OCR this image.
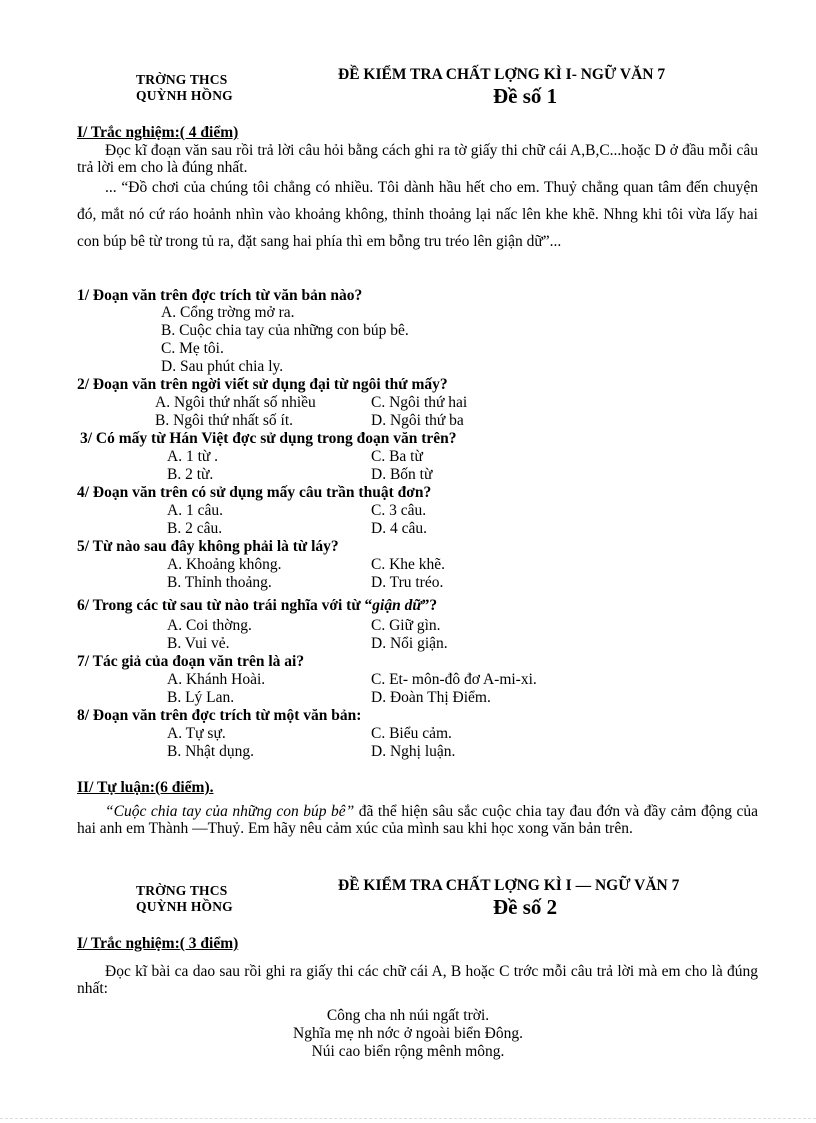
TRỜNG THCS
QUỲNH HỒNG
ĐỀ KIỂM TRA CHẤT LỢNG KÌ I- NGỮ VĂN 7
Đề số 1
I/ Trắc nghiệm:( 4 điểm)
Đọc kĩ đoạn văn sau rồi trả lời câu hỏi bằng cách ghi ra tờ giấy thi chữ cái A,B,C...hoặc D ở đầu mỗi câu trả lời em cho là đúng nhất.
... “Đồ chơi của chúng tôi chẳng có nhiều. Tôi dành hầu hết cho em. Thuỷ chẳng quan tâm đến chuyện đó, mắt nó cứ ráo hoảnh nhìn vào khoảng không, thỉnh thoảng lại nấc lên khe khẽ. Nhng khi tôi vừa lấy hai con búp bê từ trong tủ ra, đặt sang hai phía thì em bỗng tru tréo lên giận dữ”...
1/ Đoạn văn trên đợc trích từ văn bản nào?
A. Cổng trờng mở ra.
B. Cuộc chia tay của những con búp bê.
C. Mẹ tôi.
D. Sau phút chia ly.
2/ Đoạn văn trên ngời viết sử dụng đại từ ngôi thứ mấy?
A. Ngôi thứ nhất số nhiều	C. Ngôi thứ hai
B. Ngôi thứ nhất số ít.	D. Ngôi thứ ba
3/ Có mấy từ Hán Việt đợc sử dụng trong đoạn văn trên?
A. 1 từ .	C. Ba từ
B. 2 từ.	D. Bốn từ
4/ Đoạn văn trên có sử dụng mấy câu trần thuật đơn?
A. 1 câu.	C. 3 câu.
B. 2 câu.	D. 4 câu.
5/ Từ nào sau đây không phải là từ láy?
A. Khoảng không.	C. Khe khẽ.
B. Thỉnh thoảng.	D. Tru tréo.
6/ Trong các từ sau từ nào trái nghĩa với từ “giận dữ”?
A. Coi thờng.	C. Giữ gìn.
B. Vui vẻ.	D. Nổi giận.
7/ Tác giả của đoạn văn trên là ai?
A. Khánh Hoài.	C. Et- môn-đô đơ A-mi-xi.
B. Lý Lan.	D. Đoàn Thị Điểm.
8/ Đoạn văn trên đợc trích từ một văn bản:
A. Tự sự.	C. Biểu cảm.
B. Nhật dụng.	D. Nghị luận.
II/ Tự luận:(6 điểm).
“Cuộc chia tay của những con búp bê” đã thể hiện sâu sắc cuộc chia tay đau đớn và đầy cảm động của hai anh em Thành —Thuỷ. Em hãy nêu cảm xúc của mình sau khi học xong văn bản trên.
TRỜNG THCS
QUỲNH HỒNG
ĐỀ KIỂM TRA CHẤT LỢNG KÌ I — NGỮ VĂN 7
Đề số 2
I/ Trắc nghiệm:( 3 điểm)
Đọc kĩ bài ca dao sau rồi ghi ra giấy thi các chữ cái A, B hoặc C trớc mỗi câu trả lời mà em cho là đúng nhất:
Công cha nh núi ngất trời.
Nghĩa mẹ nh nớc ở ngoài biển Đông.
Núi cao biển rộng mênh mông.
